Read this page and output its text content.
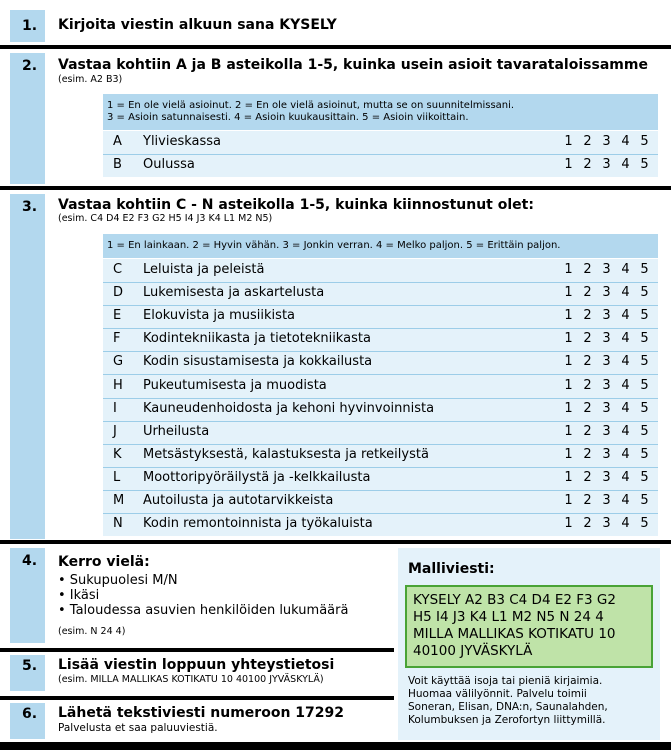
1.	Kirjoita viestin alkuun sana KYSELY
2.	Vastaa kohtiin A ja B asteikolla 1-5, kuinka usein asioit tavarataloissamme
(esim. A2 B3)
1 = En ole vielä asioinut. 2 = En ole vielä asioinut, mutta se on suunnitelmissani.
3 = Asioin satunnaisesti. 4 = Asioin kuukausittain. 5 = Asioin viikoittain.
A Ylivieskassa	1 2 3 4 5
B Oulussa	1 2 3 4 5
3.	Vastaa kohtiin C - N asteikolla 1-5, kuinka kiinnostunut olet:
(esim. C4 D4 E2 F3 G2 H5 I4 J3 K4 L1 M2 N5)
1 = En lainkaan. 2 = Hyvin vähän. 3 = Jonkin verran. 4 = Melko paljon. 5 = Erittäin paljon.
C Leluista ja peleistä	1 2 3 4 5
D Lukemisesta ja askartelusta	1 2 3 4 5
E Elokuvista ja musiikista	1 2 3 4 5
F Kodintekniikasta ja tietotekniikasta	1 2 3 4 5
G Kodin sisustamisesta ja kokkailusta	1 2 3 4 5
H Pukeutumisesta ja muodista	1 2 3 4 5
I Kauneudenhoidosta ja kehoni hyvinvoinnista	1 2 3 4 5
J Urheilusta	1 2 3 4 5
K Metsästyksestä, kalastuksesta ja retkeilystä	1 2 3 4 5
L Moottoripyöräilystä ja -kelkkailusta	1 2 3 4 5
M Autoilusta ja autotarvikkeista	1 2 3 4 5
N Kodin remontoinnista ja työkaluista	1 2 3 4 5
4.	Kerro vielä:
• Sukupuolesi M/N
• Ikäsi
• Taloudessa asuvien henkilöiden lukumäärä
(esim. N 24 4)
5.	Lisää viestin loppuun yhteystietosi
(esim. MILLA MALLIKAS KOTIKATU 10 40100 JYVÄSKYLÄ)
6.	Lähetä tekstiviesti numeroon 17292
Palvelusta et saa paluuviestiä.
Malliviesti:
KYSELY A2 B3 C4 D4 E2 F3 G2
H5 I4 J3 K4 L1 M2 N5 N 24 4
MILLA MALLIKAS KOTIKATU 10
40100 JYVÄSKYLÄ
Voit käyttää isoja tai pieniä kirjaimia.
Huomaa välilyönnit. Palvelu toimii
Soneran, Elisan, DNA:n, Saunalahden,
Kolumbuksen ja Zerofortyn liittymillä.
